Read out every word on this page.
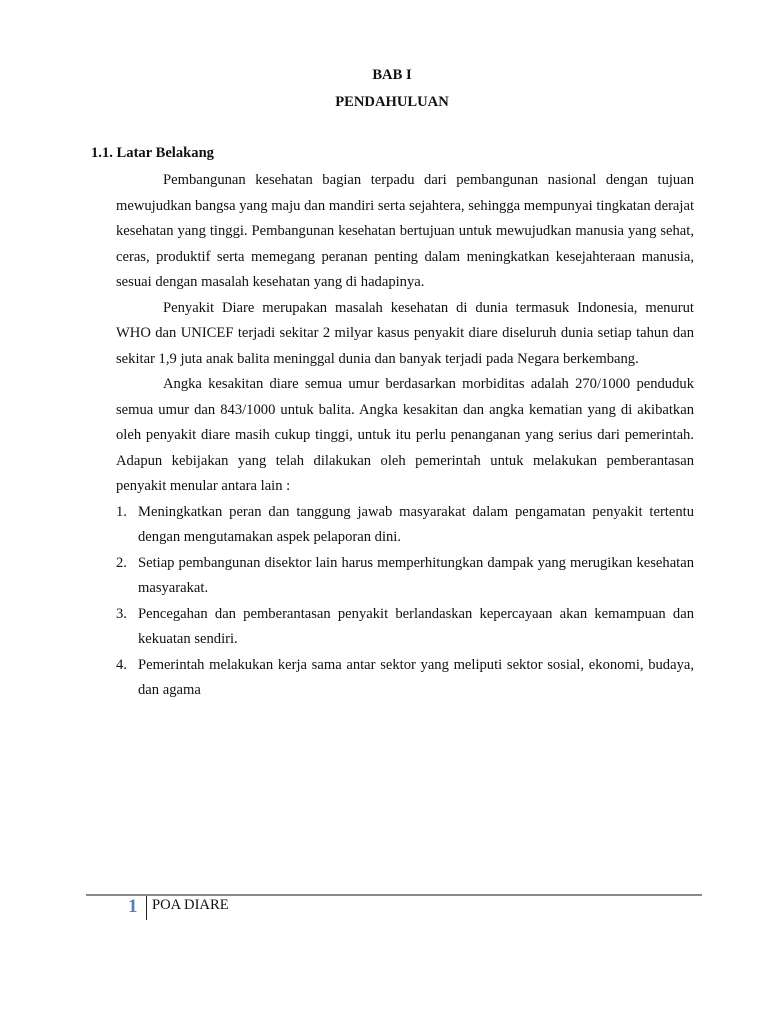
BAB I
PENDAHULUAN
1.1. Latar Belakang

Pembangunan kesehatan bagian terpadu dari pembangunan nasional dengan tujuan mewujudkan bangsa yang maju dan mandiri serta sejahtera, sehingga mempunyai tingkatan derajat kesehatan yang tinggi. Pembangunan kesehatan bertujuan untuk mewujudkan manusia yang sehat, ceras, produktif serta memegang peranan penting dalam meningkatkan kesejahteraan manusia, sesuai dengan masalah kesehatan yang di hadapinya.

Penyakit Diare merupakan masalah kesehatan di dunia termasuk Indonesia, menurut WHO dan UNICEF terjadi sekitar 2 milyar kasus penyakit diare diseluruh dunia setiap tahun dan sekitar 1,9 juta anak balita meninggal dunia dan banyak terjadi pada Negara berkembang.

Angka kesakitan diare semua umur berdasarkan morbiditas adalah 270/1000 penduduk semua umur dan 843/1000 untuk balita. Angka kesakitan dan angka kematian yang di akibatkan oleh penyakit diare masih cukup tinggi, untuk itu perlu penanganan yang serius dari pemerintah. Adapun kebijakan yang telah dilakukan oleh pemerintah untuk melakukan pemberantasan penyakit menular antara lain :

1. Meningkatkan peran dan tanggung jawab masyarakat dalam pengamatan penyakit tertentu dengan mengutamakan aspek pelaporan dini.
2. Setiap pembangunan disektor lain harus memperhitungkan dampak yang merugikan kesehatan masyarakat.
3. Pencegahan dan pemberantasan penyakit berlandaskan kepercayaan akan kemampuan dan kekuatan sendiri.
4. Pemerintah melakukan kerja sama antar sektor yang meliputi sektor sosial, ekonomi, budaya, dan agama
1 POA DIARE
